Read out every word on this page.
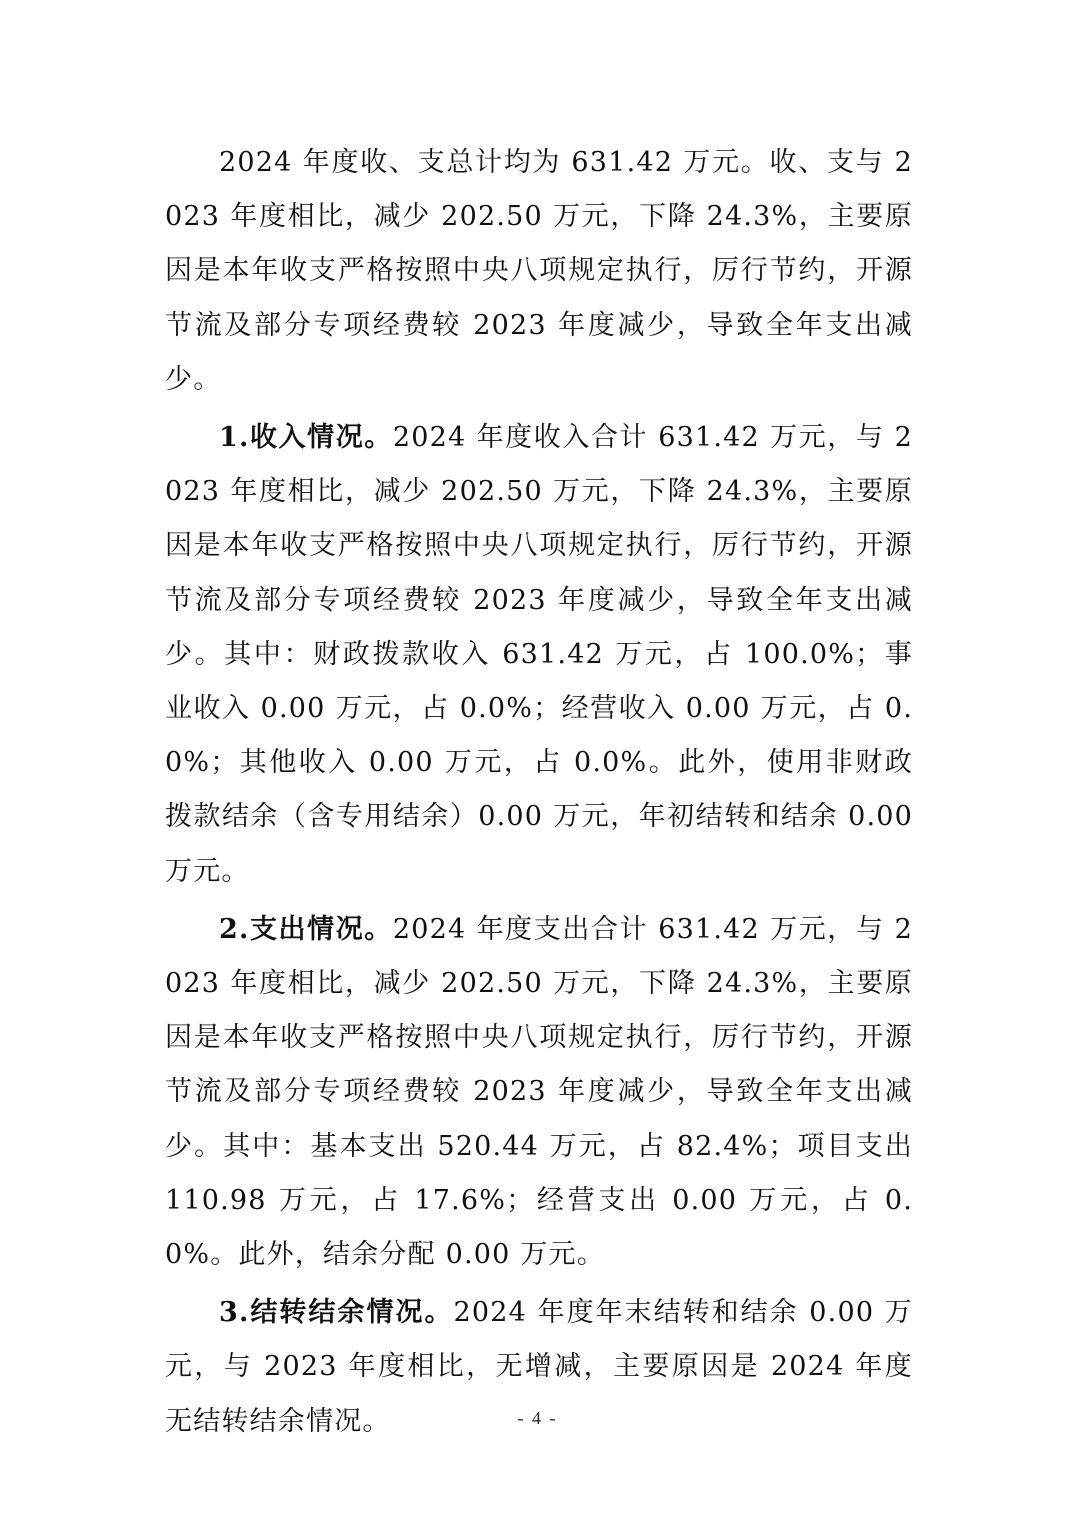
2024 年度收、支总计均为 631.42 万元。收、支与 2023 年度相比，减少 202.50 万元，下降 24.3%，主要原因是本年收支严格按照中央八项规定执行，厉行节约，开源节流及部分专项经费较 2023 年度减少，导致全年支出减少。

1.收入情况。2024 年度收入合计 631.42 万元，与 2023 年度相比，减少 202.50 万元，下降 24.3%，主要原因是本年收支严格按照中央八项规定执行，厉行节约，开源节流及部分专项经费较 2023 年度减少，导致全年支出减少。其中：财政拨款收入 631.42 万元，占 100.0%；事业收入 0.00 万元，占 0.0%；经营收入 0.00 万元，占 0.0%；其他收入 0.00 万元，占 0.0%。此外，使用非财政拨款结余（含专用结余）0.00 万元，年初结转和结余 0.00 万元。

2.支出情况。2024 年度支出合计 631.42 万元，与 2023 年度相比，减少 202.50 万元，下降 24.3%，主要原因是本年收支严格按照中央八项规定执行，厉行节约，开源节流及部分专项经费较 2023 年度减少，导致全年支出减少。其中：基本支出 520.44 万元，占 82.4%；项目支出 110.98 万元，占 17.6%；经营支出 0.00 万元，占 0.0%。此外，结余分配 0.00 万元。

3.结转结余情况。2024 年度年末结转和结余 0.00 万元，与 2023 年度相比，无增减，主要原因是 2024 年度无结转结余情况。	- 4 -
